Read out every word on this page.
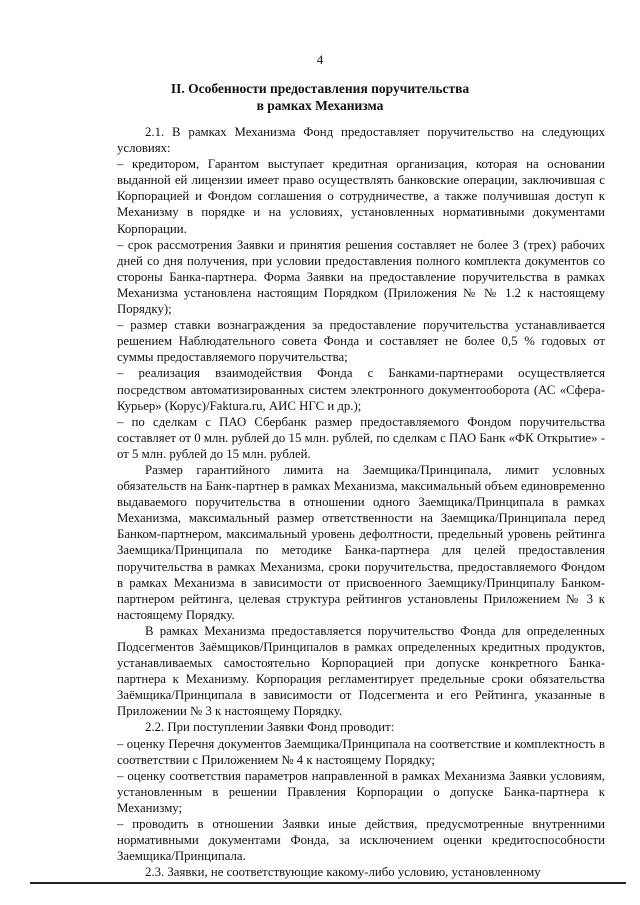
4
II. Особенности предоставления поручительства
в рамках Механизма

2.1. В рамках Механизма Фонд предоставляет поручительство на следующих условиях:

– кредитором, Гарантом выступает кредитная организация, которая на основании выданной ей лицензии имеет право осуществлять банковские операции, заключившая с Корпорацией и Фондом соглашения о сотрудничестве, а также получившая доступ к Механизму в порядке и на условиях, установленных нормативными документами Корпорации.

– срок рассмотрения Заявки и принятия решения составляет не более 3 (трех) рабочих дней со дня получения, при условии предоставления полного комплекта документов со стороны Банка-партнера. Форма Заявки на предоставление поручительства в рамках Механизма установлена настоящим Порядком (Приложения № № 1.2 к настоящему Порядку);

– размер ставки вознаграждения за предоставление поручительства устанавливается решением Наблюдательного совета Фонда и составляет не более 0,5 % годовых от суммы предоставляемого поручительства;

– реализация взаимодействия Фонда с Банками-партнерами осуществляется посредством автоматизированных систем электронного документооборота (АС «Сфера-Курьер» (Корус)/Faktura.ru, АИС НГС и др.);

– по сделкам с ПАО Сбербанк размер предоставляемого Фондом поручительства составляет от 0 млн. рублей до 15 млн. рублей, по сделкам с ПАО Банк «ФК Открытие» - от 5 млн. рублей до 15 млн. рублей.

Размер гарантийного лимита на Заемщика/Принципала, лимит условных обязательств на Банк-партнер в рамках Механизма, максимальный объем единовременно выдаваемого поручительства в отношении одного Заемщика/Принципала в рамках Механизма, максимальный размер ответственности на Заемщика/Принципала перед Банком-партнером, максимальный уровень дефолтности, предельный уровень рейтинга Заемщика/Принципала по методике Банка-партнера для целей предоставления поручительства в рамках Механизма, сроки поручительства, предоставляемого Фондом в рамках Механизма в зависимости от присвоенного Заемщику/Принципалу Банком-партнером рейтинга, целевая структура рейтингов установлены Приложением № 3 к настоящему Порядку.

В рамках Механизма предоставляется поручительство Фонда для определенных Подсегментов Заёмщиков/Принципалов в рамках определенных кредитных продуктов, устанавливаемых самостоятельно Корпорацией при допуске конкретного Банка-партнера к Механизму. Корпорация регламентирует предельные сроки обязательства Заёмщика/Принципала в зависимости от Подсегмента и его Рейтинга, указанные в Приложении № 3 к настоящему Порядку.

2.2. При поступлении Заявки Фонд проводит:

– оценку Перечня документов Заемщика/Принципала на соответствие и комплектность в соответствии с Приложением № 4 к настоящему Порядку;

– оценку соответствия параметров направленной в рамках Механизма Заявки условиям, установленным в решении Правления Корпорации о допуске Банка-партнера к Механизму;

– проводить в отношении Заявки иные действия, предусмотренные внутренними нормативными документами Фонда, за исключением оценки кредитоспособности Заемщика/Принципала.

2.3. Заявки, не соответствующие какому-либо условию, установленному
